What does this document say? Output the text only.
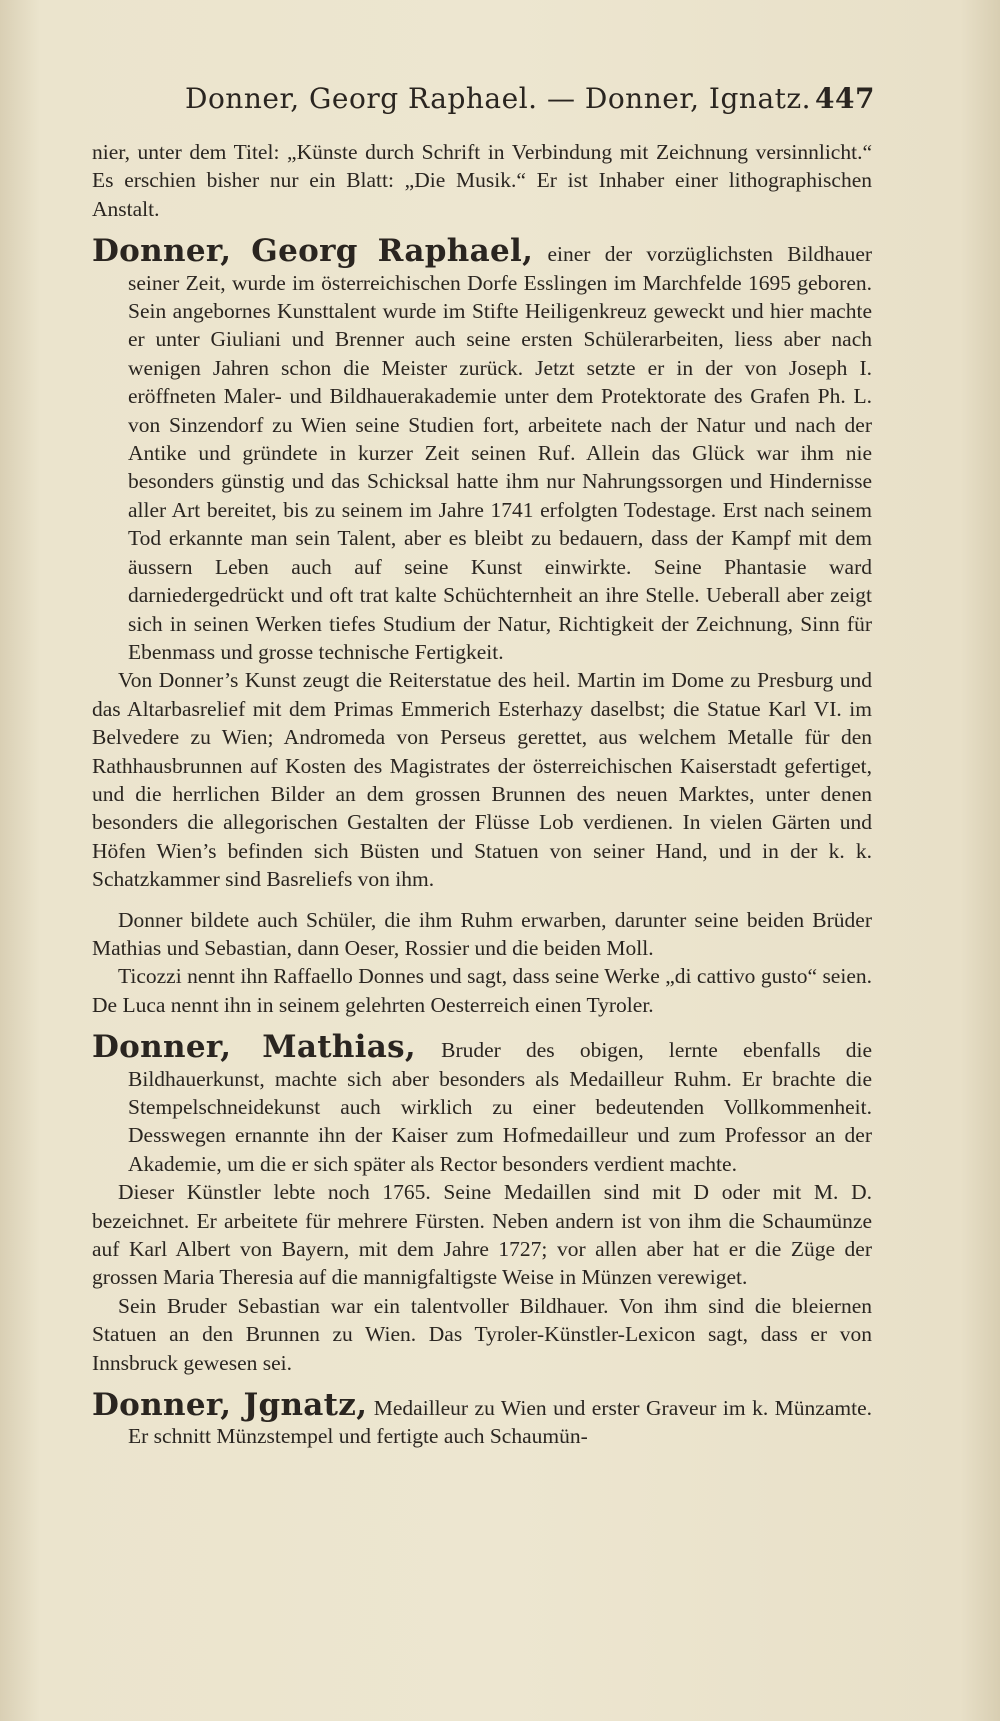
Donner, Georg Raphael. — Donner, Ignatz. 447

nier, unter dem Titel: „Künste durch Schrift in Verbindung mit Zeichnung versinnlicht.“ Es erschien bisher nur ein Blatt: „Die Musik.“ Er ist Inhaber einer lithographischen Anstalt.

Donner, Georg Raphael, einer der vorzüglichsten Bildhauer seiner Zeit, wurde im österreichischen Dorfe Esslingen im Marchfelde 1695 geboren. Sein angebornes Kunsttalent wurde im Stifte Heiligenkreuz geweckt und hier machte er unter Giuliani und Brenner auch seine ersten Schülerarbeiten, liess aber nach wenigen Jahren schon die Meister zurück. Jetzt setzte er in der von Joseph I. eröffneten Maler- und Bildhauerakademie unter dem Protektorate des Grafen Ph. L. von Sinzendorf zu Wien seine Studien fort, arbeitete nach der Natur und nach der Antike und gründete in kurzer Zeit seinen Ruf. Allein das Glück war ihm nie besonders günstig und das Schicksal hatte ihm nur Nahrungssorgen und Hindernisse aller Art bereitet, bis zu seinem im Jahre 1741 erfolgten Todestage. Erst nach seinem Tod erkannte man sein Talent, aber es bleibt zu bedauern, dass der Kampf mit dem äussern Leben auch auf seine Kunst einwirkte. Seine Phantasie ward darniedergedrückt und oft trat kalte Schüchternheit an ihre Stelle. Ueberall aber zeigt sich in seinen Werken tiefes Studium der Natur, Richtigkeit der Zeichnung, Sinn für Ebenmass und grosse technische Fertigkeit.

Von Donner’s Kunst zeugt die Reiterstatue des heil. Martin im Dome zu Presburg und das Altarbasrelief mit dem Primas Emmerich Esterhazy daselbst; die Statue Karl VI. im Belvedere zu Wien; Andromeda von Perseus gerettet, aus welchem Metalle für den Rathhausbrunnen auf Kosten des Magistrates der österreichischen Kaiserstadt gefertiget, und die herrlichen Bilder an dem grossen Brunnen des neuen Marktes, unter denen besonders die allegorischen Gestalten der Flüsse Lob verdienen. In vielen Gärten und Höfen Wien’s befinden sich Büsten und Statuen von seiner Hand, und in der k. k. Schatzkammer sind Basreliefs von ihm.

Donner bildete auch Schüler, die ihm Ruhm erwarben, darunter seine beiden Brüder Mathias und Sebastian, dann Oeser, Rossier und die beiden Moll.

Ticozzi nennt ihn Raffaello Donnes und sagt, dass seine Werke „di cattivo gusto“ seien. De Luca nennt ihn in seinem gelehrten Oesterreich einen Tyroler.

Donner, Mathias, Bruder des obigen, lernte ebenfalls die Bildhauerkunst, machte sich aber besonders als Medailleur Ruhm. Er brachte die Stempelschneidekunst auch wirklich zu einer bedeutenden Vollkommenheit. Desswegen ernannte ihn der Kaiser zum Hofmedailleur und zum Professor an der Akademie, um die er sich später als Rector besonders verdient machte.

Dieser Künstler lebte noch 1765. Seine Medaillen sind mit D oder mit M. D. bezeichnet. Er arbeitete für mehrere Fürsten. Neben andern ist von ihm die Schaumünze auf Karl Albert von Bayern, mit dem Jahre 1727; vor allen aber hat er die Züge der grossen Maria Theresia auf die mannigfaltigste Weise in Münzen verewiget.

Sein Bruder Sebastian war ein talentvoller Bildhauer. Von ihm sind die bleiernen Statuen an den Brunnen zu Wien. Das Tyroler-Künstler-Lexicon sagt, dass er von Innsbruck gewesen sei.

Donner, Jgnatz, Medailleur zu Wien und erster Graveur im k. Münzamte. Er schnitt Münzstempel und fertigte auch Schaumün-
